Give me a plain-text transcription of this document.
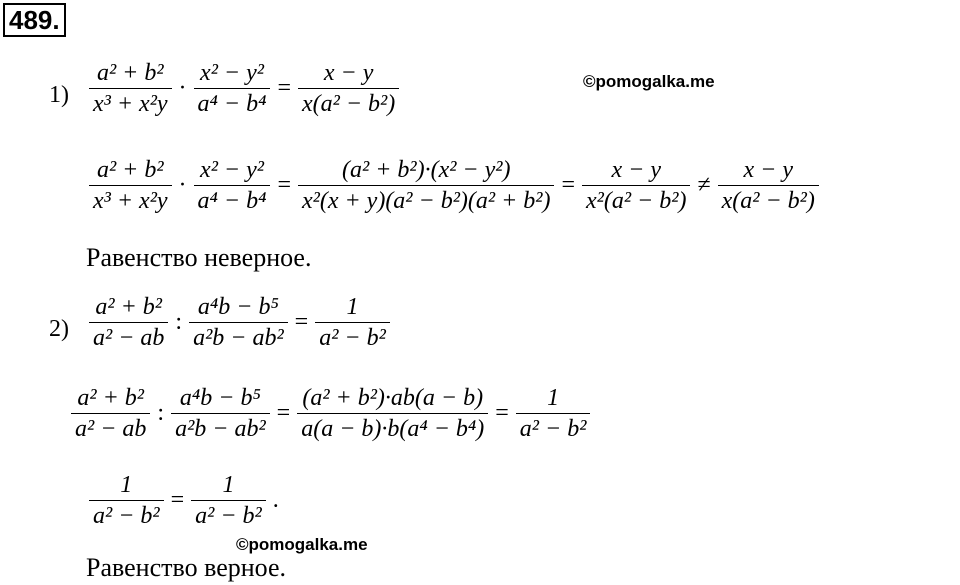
489.
©pomogalka.me
$1) \frac{\text{a² + b²}}{\text{x³ + x²y}} \cdot \frac{\text{x² − y²}}{\text{a⁴ − b⁴}} = \frac{x - y}{\text{x(a² − b²)}}$
$\frac{\text{a² + b²}}{\text{x³ + x²y}} \cdot \frac{\text{x² − y²}}{\text{a⁴ − b⁴}} = \frac{\text{(a² + b²)·(x² − y²)}}{\text{x²(x + y)(a² − b²)(a² + b²)}} = \frac{x - y}{\text{x²(a² − b²)}} \ne \frac{x - y}{\text{x(a² − b²)}}$
Равенство неверное.
$2) \frac{\text{a² + b²}}{\text{a² − ab}}$ : $\frac{\text{a⁴b − b⁵}}{\text{a²b − ab²}} = \frac{1}{\text{a² − b²}}$
$\frac{\text{a² + b²}}{\text{a² − ab}}$ : $\frac{\text{a⁴b − b⁵}}{\text{a²b − ab²}} = \frac{\text{(a² + b²)·ab(a − b)}}{\text{a(a − b)·b(a⁴ − b⁴)}} = \frac{1}{\text{a² − b²}}$
$\frac{1}{\text{a² − b²}} = \frac{1}{\text{a² − b²}}$ .
©pomogalka.me
Равенство верное.
